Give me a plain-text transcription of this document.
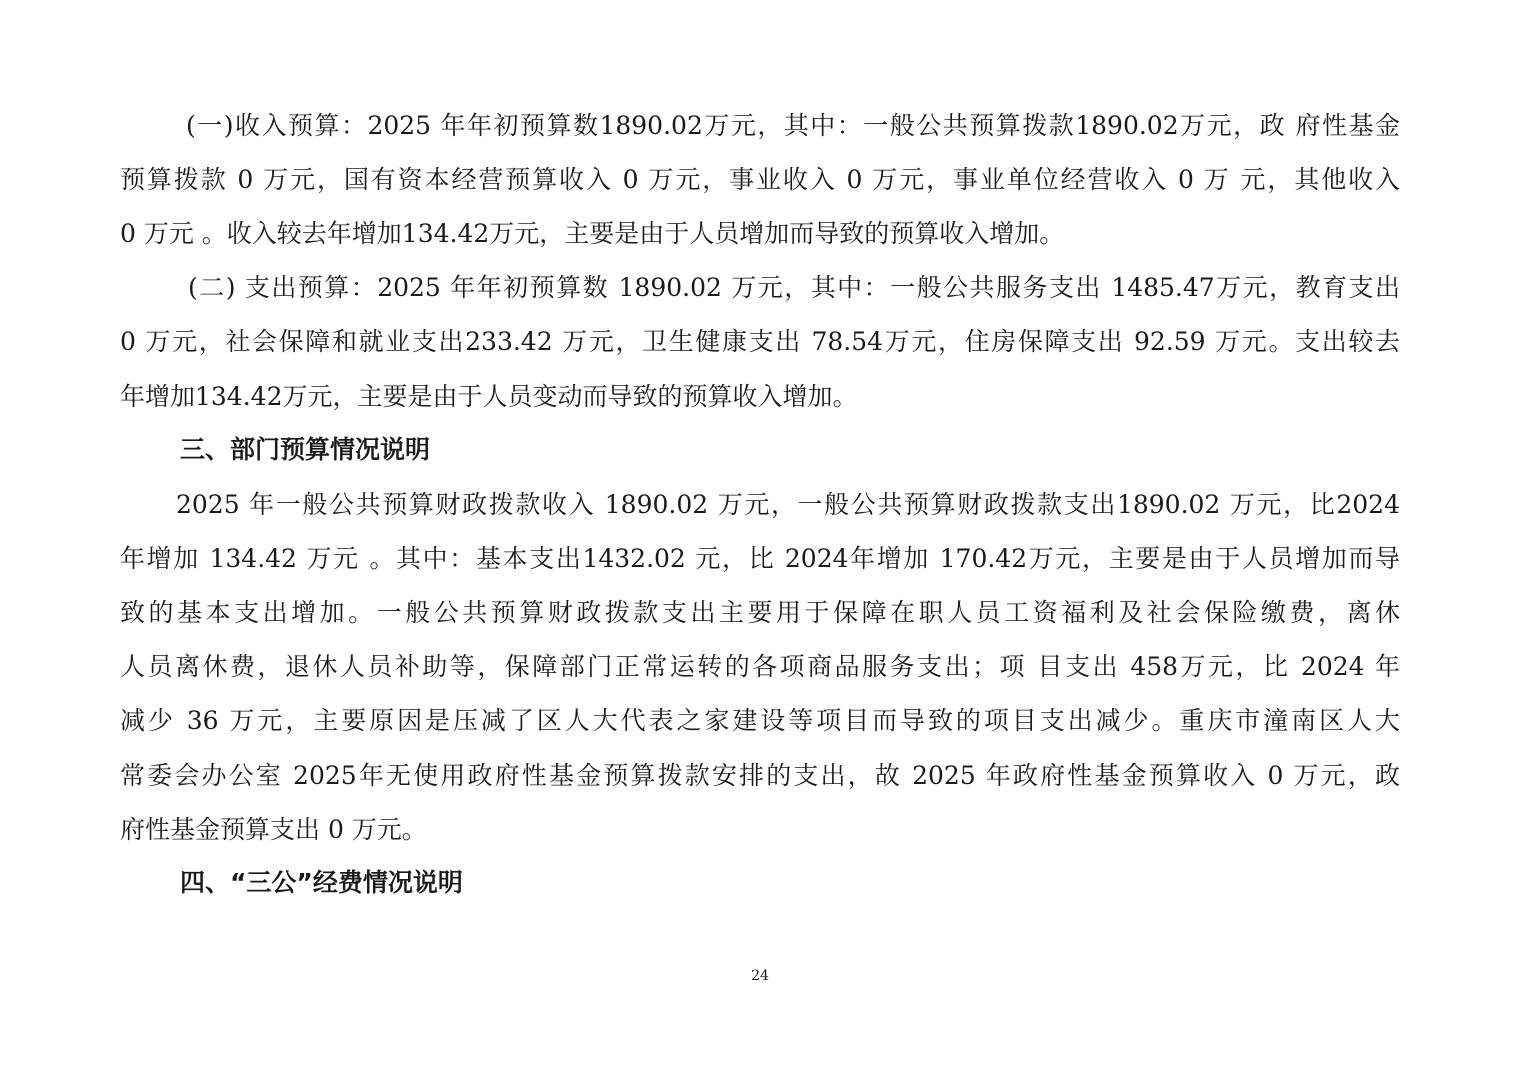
(一)收入预算：2025 年年初预算数1890.02万元，其中：一般公共预算拨款1890.02万元，政 府性基金
预算拨款 0 万元，国有资本经营预算收入 0 万元，事业收入 0 万元，事业单位经营收入 0 万 元，其他收入
0 万元 。收入较去年增加134.42万元，主要是由于人员增加而导致的预算收入增加。
(二) 支出预算：2025 年年初预算数 1890.02 万元，其中：一般公共服务支出 1485.47万元，教育支出
0 万元，社会保障和就业支出233.42 万元，卫生健康支出 78.54万元，住房保障支出 92.59 万元。支出较去
年增加134.42万元，主要是由于人员变动而导致的预算收入增加。
三、部门预算情况说明
2025 年一般公共预算财政拨款收入 1890.02 万元，一般公共预算财政拨款支出1890.02 万元，比2024
年增加 134.42 万元 。其中：基本支出1432.02 元，比 2024年增加 170.42万元，主要是由于人员增加而导
致的基本支出增加。一般公共预算财政拨款支出主要用于保障在职人员工资福利及社会保险缴费，离休
人员离休费，退休人员补助等，保障部门正常运转的各项商品服务支出；项 目支出 458万元，比 2024 年
减少 36 万元，主要原因是压减了区人大代表之家建设等项目而导致的项目支出减少。重庆市潼南区人大
常委会办公室 2025年无使用政府性基金预算拨款安排的支出，故 2025 年政府性基金预算收入 0 万元，政
府性基金预算支出 0 万元。
四、“三公”经费情况说明
24
